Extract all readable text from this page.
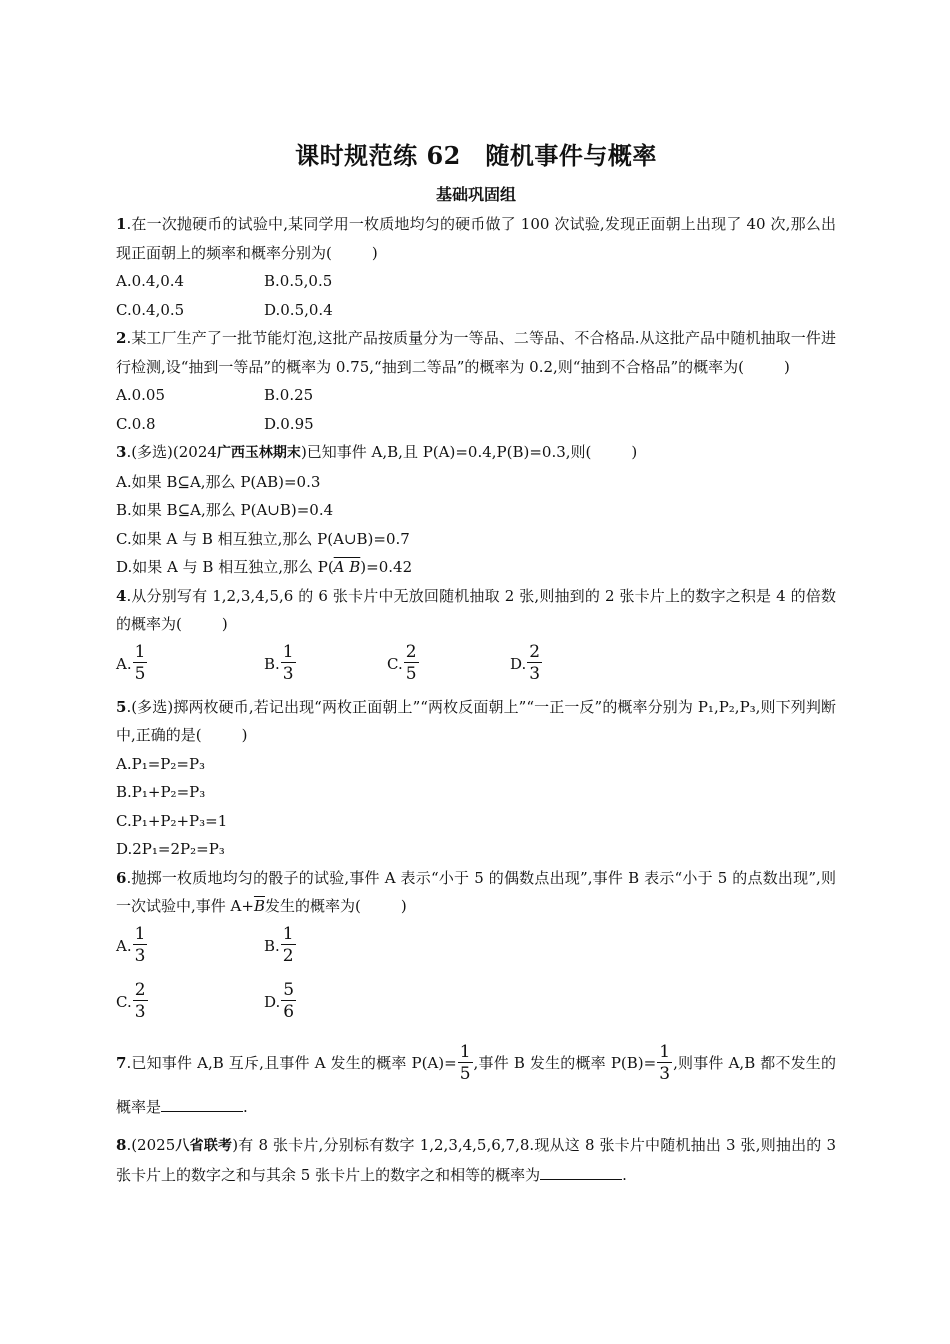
课时规范练 62　随机事件与概率
基础巩固组
1.在一次抛硬币的试验中,某同学用一枚质地均匀的硬币做了 100 次试验,发现正面朝上出现了 40 次,那么出现正面朝上的频率和概率分别为(	)
A.0.4,0.4	B.0.5,0.5
C.0.4,0.5	D.0.5,0.4
2.某工厂生产了一批节能灯泡,这批产品按质量分为一等品、二等品、不合格品.从这批产品中随机抽取一件进行检测,设“抽到一等品”的概率为 0.75,“抽到二等品”的概率为 0.2,则“抽到不合格品”的概率为(	)
A.0.05	B.0.25
C.0.8	D.0.95
3.(多选)(2024广西玉林期末)已知事件 A,B,且 P(A)=0.4,P(B)=0.3,则(	)
A.如果 B⊆A,那么 P(AB)=0.3
B.如果 B⊆A,那么 P(A∪B)=0.4
C.如果 A 与 B 相互独立,那么 P(A∪B)=0.7
D.如果 A 与 B 相互独立,那么 P(A B)=0.42
4.从分别写有 1,2,3,4,5,6 的 6 张卡片中无放回随机抽取 2 张,则抽到的 2 张卡片上的数字之积是 4 的倍数的概率为(	)
A. $\frac{1}{5}$	B. $\frac{1}{3}$	C. $\frac{2}{5}$	D. $\frac{2}{3}$
5.(多选)掷两枚硬币,若记出现“两枚正面朝上”“两枚反面朝上”“一正一反”的概率分别为 P₁,P₂,P₃,则下列判断中,正确的是(	)
A.P₁=P₂=P₃
B.P₁+P₂=P₃
C.P₁+P₂+P₃=1
D.2P₁=2P₂=P₃
6.抛掷一枚质地均匀的骰子的试验,事件 A 表示“小于 5 的偶数点出现”,事件 B 表示“小于 5 的点数出现”,则一次试验中,事件 $A+\overline{B}$发生的概率为(	)
A. $\frac{1}{3}$	B. $\frac{1}{2}$
C. $\frac{2}{3}$	D. $\frac{5}{6}$
7.已知事件 A,B 互斥,且事件 A 发生的概率 $P(A)= \frac{1}{5}$ ,事件 B 发生的概率 $P(B)= \frac{1}{3}$ ,则事件 A,B 都不发生的概率是	.
8.(2025八省联考)有 8 张卡片,分别标有数字 1,2,3,4,5,6,7,8.现从这 8 张卡片中随机抽出 3 张,则抽出的 3 张卡片上的数字之和与其余 5 张卡片上的数字之和相等的概率为	.
